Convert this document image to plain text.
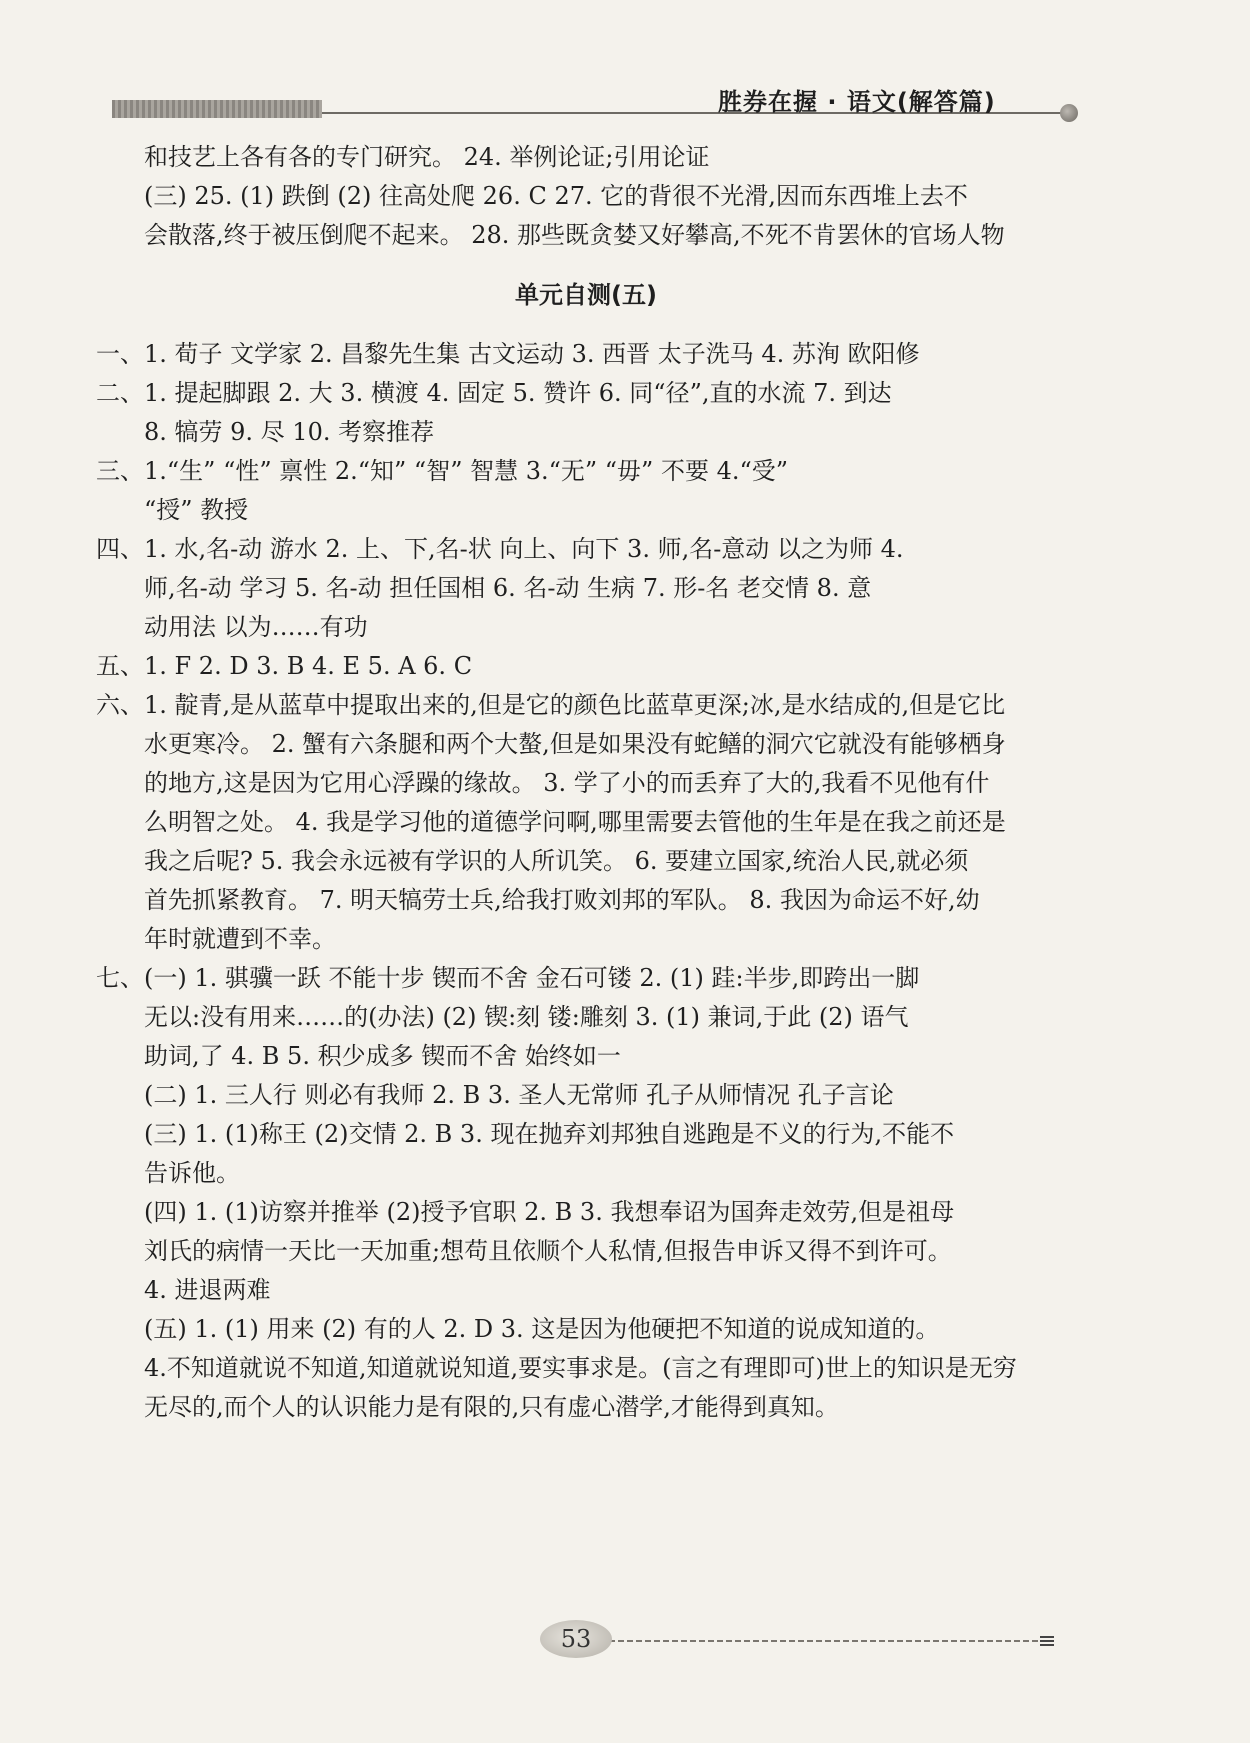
胜券在握 · 语文(解答篇)
和技艺上各有各的专门研究。 24. 举例论证;引用论证
(三) 25. (1) 跌倒 (2) 往高处爬 26. C 27. 它的背很不光滑,因而东西堆上去不
会散落,终于被压倒爬不起来。 28. 那些既贪婪又好攀高,不死不肯罢休的官场人物
单元自测(五)
一、1. 荀子 文学家 2. 昌黎先生集 古文运动 3. 西晋 太子洗马 4. 苏洵 欧阳修
二、1. 提起脚跟 2. 大 3. 横渡 4. 固定 5. 赞许 6. 同“径”,直的水流 7. 到达
8. 犒劳 9. 尽 10. 考察推荐
三、1.“生” “性” 禀性 2.“知” “智” 智慧 3.“无” “毋” 不要 4.“受”
“授” 教授
四、1. 水,名-动 游水 2. 上、下,名-状 向上、向下 3. 师,名-意动 以之为师 4.
师,名-动 学习 5. 名-动 担任国相 6. 名-动 生病 7. 形-名 老交情 8. 意
动用法 以为……有功
五、1. F 2. D 3. B 4. E 5. A 6. C
六、1. 靛青,是从蓝草中提取出来的,但是它的颜色比蓝草更深;冰,是水结成的,但是它比
水更寒冷。 2. 蟹有六条腿和两个大螯,但是如果没有蛇鳝的洞穴它就没有能够栖身
的地方,这是因为它用心浮躁的缘故。 3. 学了小的而丢弃了大的,我看不见他有什
么明智之处。 4. 我是学习他的道德学问啊,哪里需要去管他的生年是在我之前还是
我之后呢? 5. 我会永远被有学识的人所讥笑。 6. 要建立国家,统治人民,就必须
首先抓紧教育。 7. 明天犒劳士兵,给我打败刘邦的军队。 8. 我因为命运不好,幼
年时就遭到不幸。
七、(一) 1. 骐骥一跃 不能十步 锲而不舍 金石可镂 2. (1) 跬:半步,即跨出一脚
无以:没有用来……的(办法) (2) 锲:刻 镂:雕刻 3. (1) 兼词,于此 (2) 语气
助词,了 4. B 5. 积少成多 锲而不舍 始终如一
(二) 1. 三人行 则必有我师 2. B 3. 圣人无常师 孔子从师情况 孔子言论
(三) 1. (1)称王 (2)交情 2. B 3. 现在抛弃刘邦独自逃跑是不义的行为,不能不
告诉他。
(四) 1. (1)访察并推举 (2)授予官职 2. B 3. 我想奉诏为国奔走效劳,但是祖母
刘氏的病情一天比一天加重;想苟且依顺个人私情,但报告申诉又得不到许可。
4. 进退两难
(五) 1. (1) 用来 (2) 有的人 2. D 3. 这是因为他硬把不知道的说成知道的。
4.不知道就说不知道,知道就说知道,要实事求是。(言之有理即可)世上的知识是无穷
无尽的,而个人的认识能力是有限的,只有虚心潜学,才能得到真知。
53
